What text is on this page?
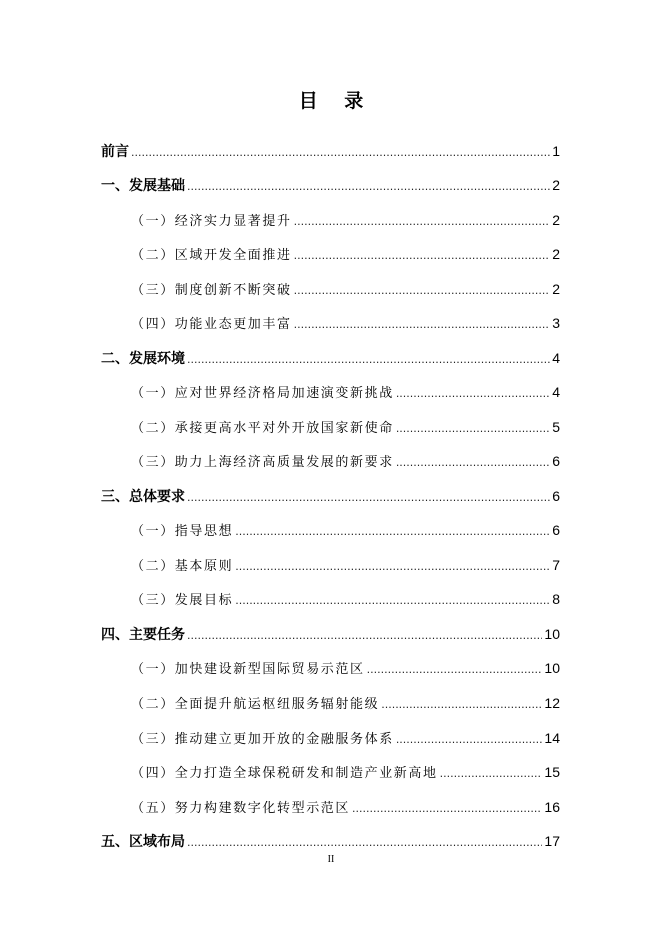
目 录
前言 .....	1
一、发展基础 .....	2
（一）经济实力显著提升 .....	2
（二）区域开发全面推进 .....	2
（三）制度创新不断突破 .....	2
（四）功能业态更加丰富 .....	3
二、发展环境 .....	4
（一）应对世界经济格局加速演变新挑战 .....	4
（二）承接更高水平对外开放国家新使命 .....	5
（三）助力上海经济高质量发展的新要求 .....	6
三、总体要求 .....	6
（一）指导思想 .....	6
（二）基本原则 .....	7
（三）发展目标 .....	8
四、主要任务 .....	10
（一）加快建设新型国际贸易示范区 .....	10
（二）全面提升航运枢纽服务辐射能级 .....	12
（三）推动建立更加开放的金融服务体系 .....	14
（四）全力打造全球保税研发和制造产业新高地 .....	15
（五）努力构建数字化转型示范区 .....	16
五、区域布局 .....	17
II
